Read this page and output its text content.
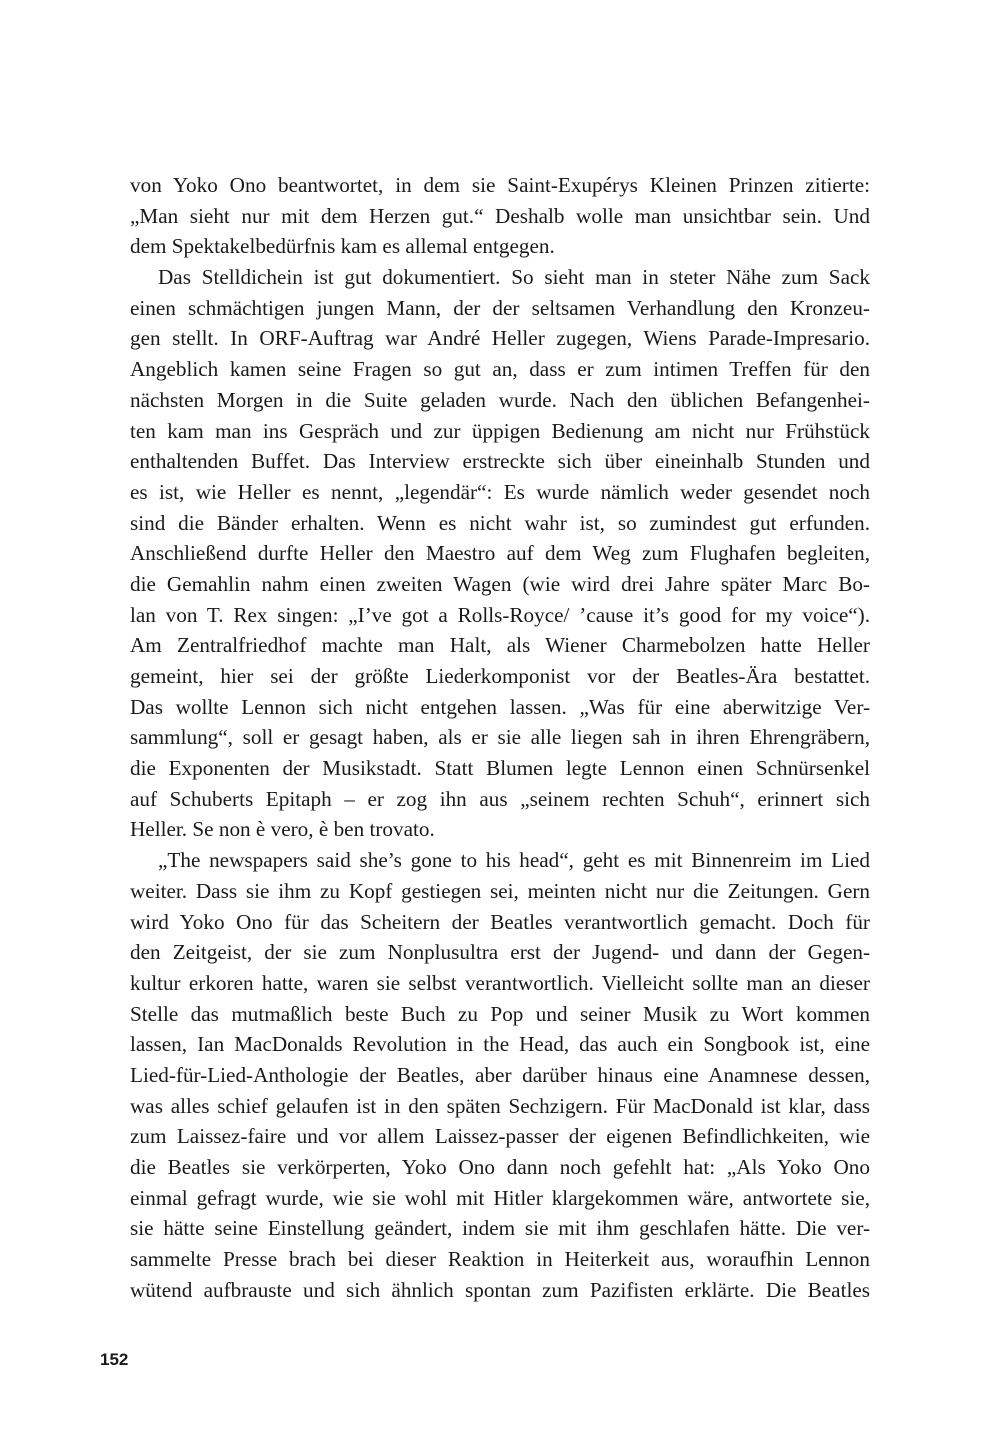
von Yoko Ono beantwortet, in dem sie Saint-Exupérys Kleinen Prinzen zitierte:
„Man sieht nur mit dem Herzen gut.“ Deshalb wolle man unsichtbar sein. Und
dem Spektakelbedürfnis kam es allemal entgegen.
Das Stelldichein ist gut dokumentiert. So sieht man in steter Nähe zum Sack
einen schmächtigen jungen Mann, der der seltsamen Verhandlung den Kronzeu-
gen stellt. In ORF-Auftrag war André Heller zugegen, Wiens Parade-Impresario.
Angeblich kamen seine Fragen so gut an, dass er zum intimen Treffen für den
nächsten Morgen in die Suite geladen wurde. Nach den üblichen Befangenhei-
ten kam man ins Gespräch und zur üppigen Bedienung am nicht nur Frühstück
enthaltenden Buffet. Das Interview erstreckte sich über eineinhalb Stunden und
es ist, wie Heller es nennt, „legendär“: Es wurde nämlich weder gesendet noch
sind die Bänder erhalten. Wenn es nicht wahr ist, so zumindest gut erfunden.
Anschließend durfte Heller den Maestro auf dem Weg zum Flughafen begleiten,
die Gemahlin nahm einen zweiten Wagen (wie wird drei Jahre später Marc Bo-
lan von T. Rex singen: „I’ve got a Rolls-Royce/ ’cause it’s good for my voice“).
Am Zentralfriedhof machte man Halt, als Wiener Charmebolzen hatte Heller
gemeint, hier sei der größte Liederkomponist vor der Beatles-Ära bestattet.
Das wollte Lennon sich nicht entgehen lassen. „Was für eine aberwitzige Ver-
sammlung“, soll er gesagt haben, als er sie alle liegen sah in ihren Ehrengräbern,
die Exponenten der Musikstadt. Statt Blumen legte Lennon einen Schnürsenkel
auf Schuberts Epitaph – er zog ihn aus „seinem rechten Schuh“, erinnert sich
Heller. Se non è vero, è ben trovato.
„The newspapers said she’s gone to his head“, geht es mit Binnenreim im Lied
weiter. Dass sie ihm zu Kopf gestiegen sei, meinten nicht nur die Zeitungen. Gern
wird Yoko Ono für das Scheitern der Beatles verantwortlich gemacht. Doch für
den Zeitgeist, der sie zum Nonplusultra erst der Jugend- und dann der Gegen-
kultur erkoren hatte, waren sie selbst verantwortlich. Vielleicht sollte man an dieser
Stelle das mutmaßlich beste Buch zu Pop und seiner Musik zu Wort kommen
lassen, Ian MacDonalds Revolution in the Head, das auch ein Songbook ist, eine
Lied-für-Lied-Anthologie der Beatles, aber darüber hinaus eine Anamnese dessen,
was alles schief gelaufen ist in den späten Sechzigern. Für MacDonald ist klar, dass
zum Laissez-faire und vor allem Laissez-passer der eigenen Befindlichkeiten, wie
die Beatles sie verkörperten, Yoko Ono dann noch gefehlt hat: „Als Yoko Ono
einmal gefragt wurde, wie sie wohl mit Hitler klargekommen wäre, antwortete sie,
sie hätte seine Einstellung geändert, indem sie mit ihm geschlafen hätte. Die ver-
sammelte Presse brach bei dieser Reaktion in Heiterkeit aus, woraufhin Lennon
wütend aufbrauste und sich ähnlich spontan zum Pazifisten erklärte. Die Beatles
152
